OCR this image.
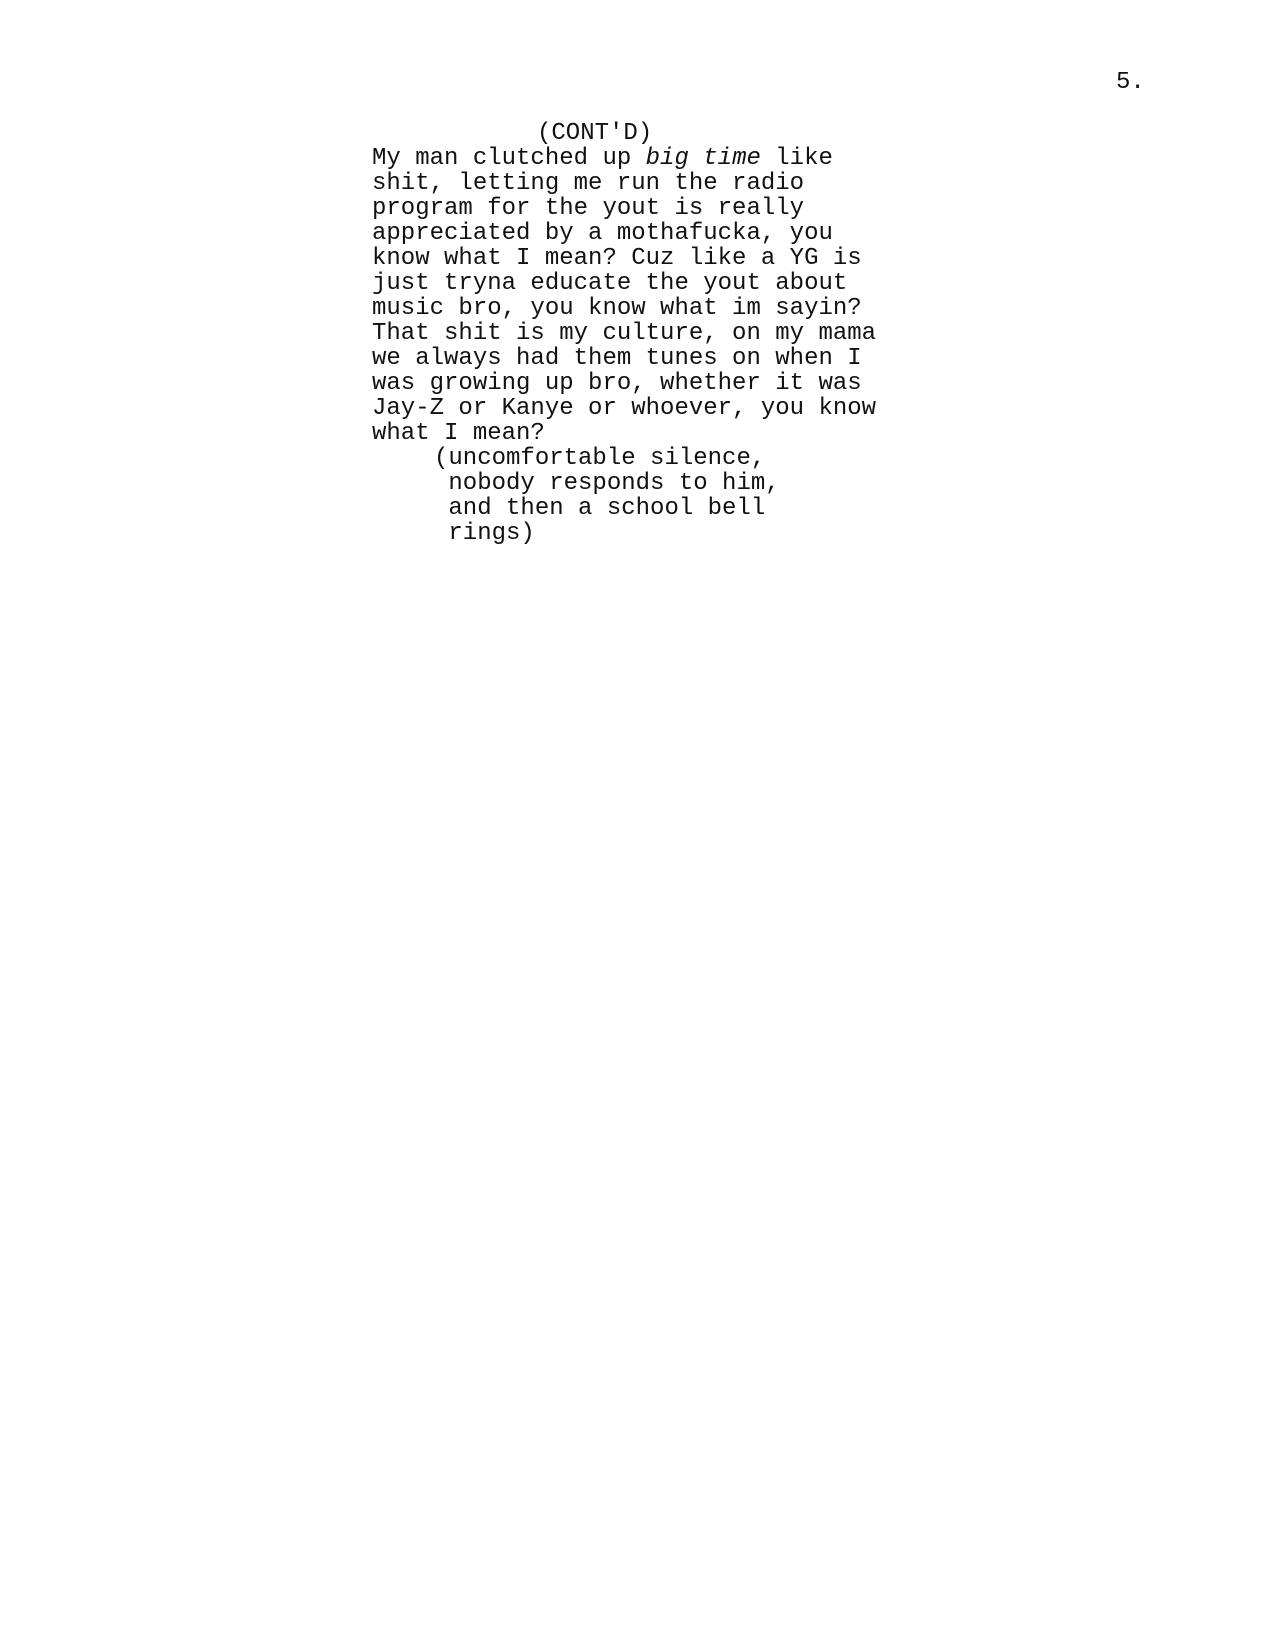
5.
(CONT'D)
My man clutched up big time like
shit, letting me run the radio
program for the yout is really
appreciated by a mothafucka, you
know what I mean? Cuz like a YG is
just tryna educate the yout about
music bro, you know what im sayin?
That shit is my culture, on my mama
we always had them tunes on when I
was growing up bro, whether it was
Jay-Z or Kanye or whoever, you know
what I mean?
(uncomfortable silence,
nobody responds to him,
and then a school bell
rings)
